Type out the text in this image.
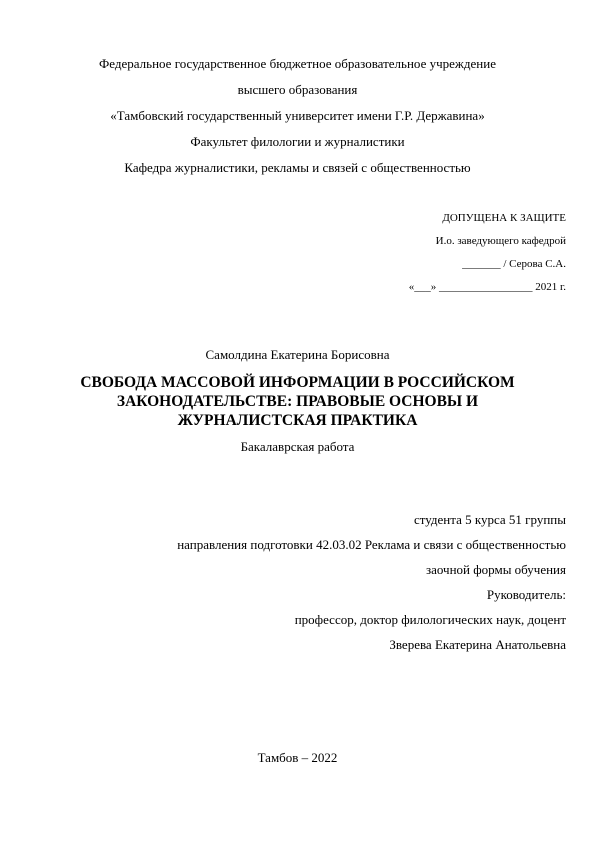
Федеральное государственное бюджетное образовательное учреждение
высшего образования
«Тамбовский государственный университет имени Г.Р. Державина»
Факультет филологии и журналистики
Кафедра журналистики, рекламы и связей с общественностью
ДОПУЩЕНА К ЗАЩИТЕ
И.о. заведующего кафедрой
_______ / Серова С.А.
«___» _________________ 2021 г.
Самолдина Екатерина Борисовна
СВОБОДА МАССОВОЙ ИНФОРМАЦИИ В РОССИЙСКОМ
ЗАКОНОДАТЕЛЬСТВЕ: ПРАВОВЫЕ ОСНОВЫ И
ЖУРНАЛИСТСКАЯ ПРАКТИКА
Бакалаврская работа
студента 5 курса 51 группы
направления подготовки 42.03.02 Реклама и связи с общественностью
заочной формы обучения
Руководитель:
профессор, доктор филологических наук, доцент
Зверева Екатерина Анатольевна
Тамбов – 2022
